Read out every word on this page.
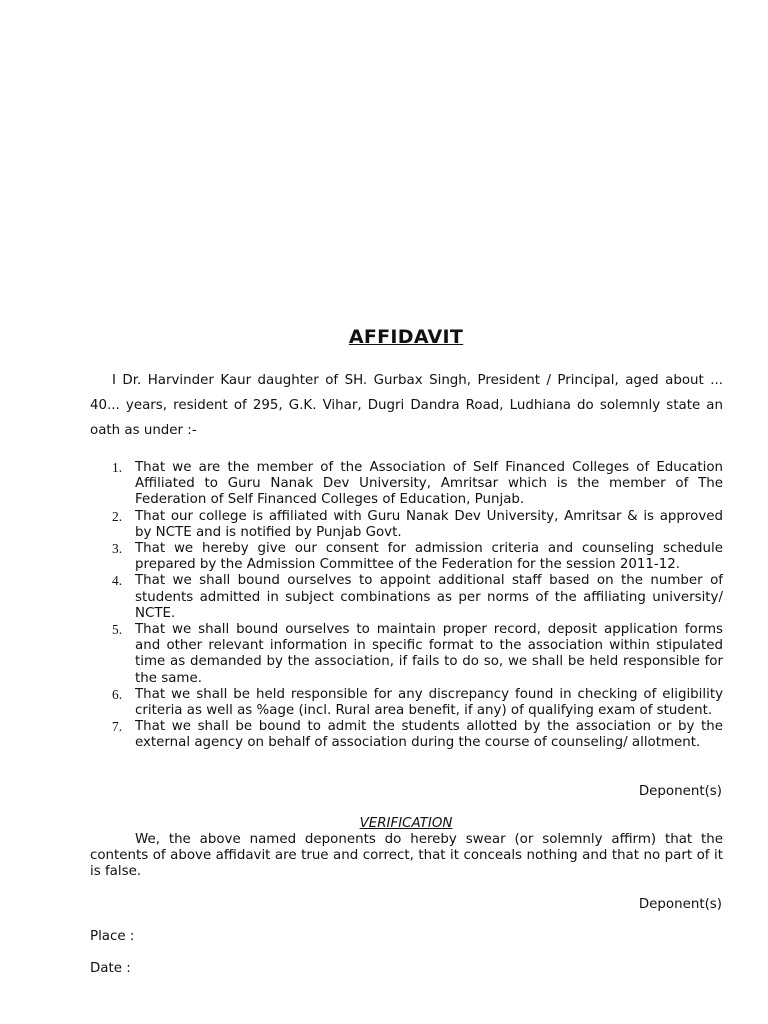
AFFIDAVIT
I Dr. Harvinder Kaur daughter of SH. Gurbax Singh, President / Principal, aged about ... 40... years, resident of 295, G.K. Vihar, Dugri Dandra Road, Ludhiana do solemnly state an oath as under :-
1. That we are the member of the Association of Self Financed Colleges of Education Affiliated to Guru Nanak Dev University, Amritsar which is the member of The Federation of Self Financed Colleges of Education, Punjab.
2. That our college is affiliated with Guru Nanak Dev University, Amritsar & is approved by NCTE and is notified by Punjab Govt.
3. That we hereby give our consent for admission criteria and counseling schedule prepared by the Admission Committee of the Federation for the session 2011-12.
4. That we shall bound ourselves to appoint additional staff based on the number of students admitted in subject combinations as per norms of the affiliating university/ NCTE.
5. That we shall bound ourselves to maintain proper record, deposit application forms and other relevant information in specific format to the association within stipulated time as demanded by the association, if fails to do so, we shall be held responsible for the same.
6. That we shall be held responsible for any discrepancy found in checking of eligibility criteria as well as %age (incl. Rural area benefit, if any) of qualifying exam of student.
7. That we shall be bound to admit the students allotted by the association or by the external agency on behalf of association during the course of counseling/ allotment.
Deponent(s)
VERIFICATION
We, the above named deponents do hereby swear (or solemnly affirm) that the contents of above affidavit are true and correct, that it conceals nothing and that no part of it is false.
Deponent(s)
Place :
Date :
